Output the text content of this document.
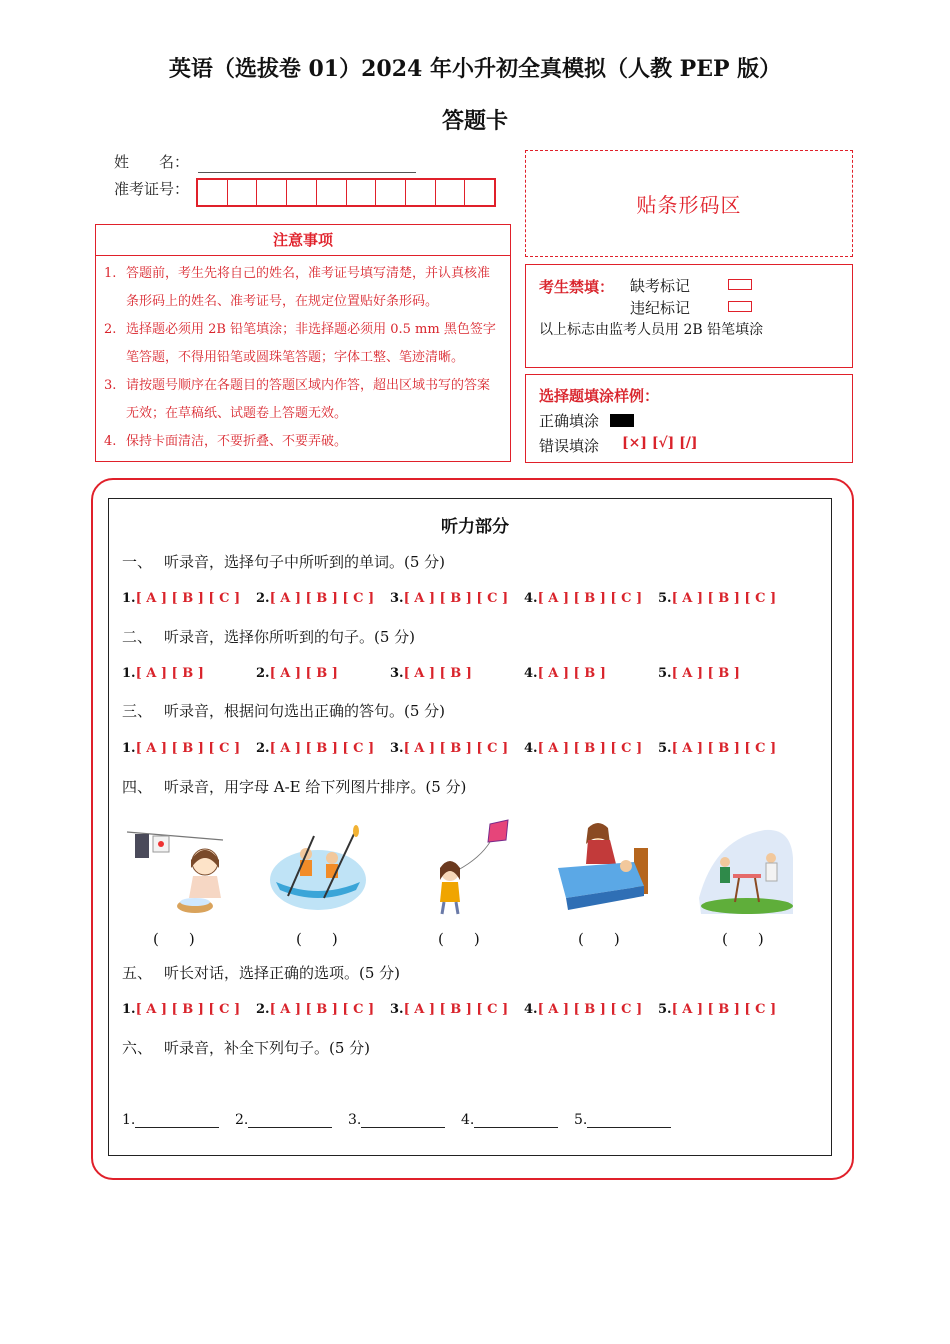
英语（选拔卷 01）2024 年小升初全真模拟（人教 PEP 版）
答题卡
姓　　名：
准考证号：
贴条形码区
注意事项
1. 答题前，考生先将自己的姓名，准考证号填写清楚，并认真核准条形码上的姓名、准考证号，在规定位置贴好条形码。
2. 选择题必须用 2B 铅笔填涂；非选择题必须用 0.5 mm 黑色签字笔答题，不得用铅笔或圆珠笔答题；字体工整、笔迹清晰。
3. 请按题号顺序在各题目的答题区域内作答，超出区域书写的答案无效；在草稿纸、试题卷上答题无效。
4. 保持卡面清洁，不要折叠、不要弄破。
考生禁填： 缺考标记
违纪标记
以上标志由监考人员用 2B 铅笔填涂
选择题填涂样例：
正确填涂
错误填涂 [×] [√] [/]
听力部分
一、 听录音，选择句子中所听到的单词。(5 分)
1.[ A ] [ B ] [ C ]	2.[ A ] [ B ] [ C ]	3.[ A ] [ B ] [ C ]	4.[ A ] [ B ] [ C ]	5.[ A ] [ B ] [ C ]
二、 听录音，选择你所听到的句子。(5 分)
1.[ A ] [ B ]	2.[ A ] [ B ]	3.[ A ] [ B ]	4.[ A ] [ B ]	5.[ A ] [ B ]
三、 听录音，根据问句选出正确的答句。(5 分)
1.[ A ] [ B ] [ C ]	2.[ A ] [ B ] [ C ]	3.[ A ] [ B ] [ C ]	4.[ A ] [ B ] [ C ]	5.[ A ] [ B ] [ C ]
四、 听录音，用字母 A-E 给下列图片排序。(5 分)
(　　)	(　　)	(　　)	(　　)	(　　)
五、 听长对话，选择正确的选项。(5 分)
1.[ A ] [ B ] [ C ]	2.[ A ] [ B ] [ C ]	3.[ A ] [ B ] [ C ]	4.[ A ] [ B ] [ C ]	5.[ A ] [ B ] [ C ]
六、 听录音，补全下列句子。(5 分)
1.	2.	3.	4.	5.
